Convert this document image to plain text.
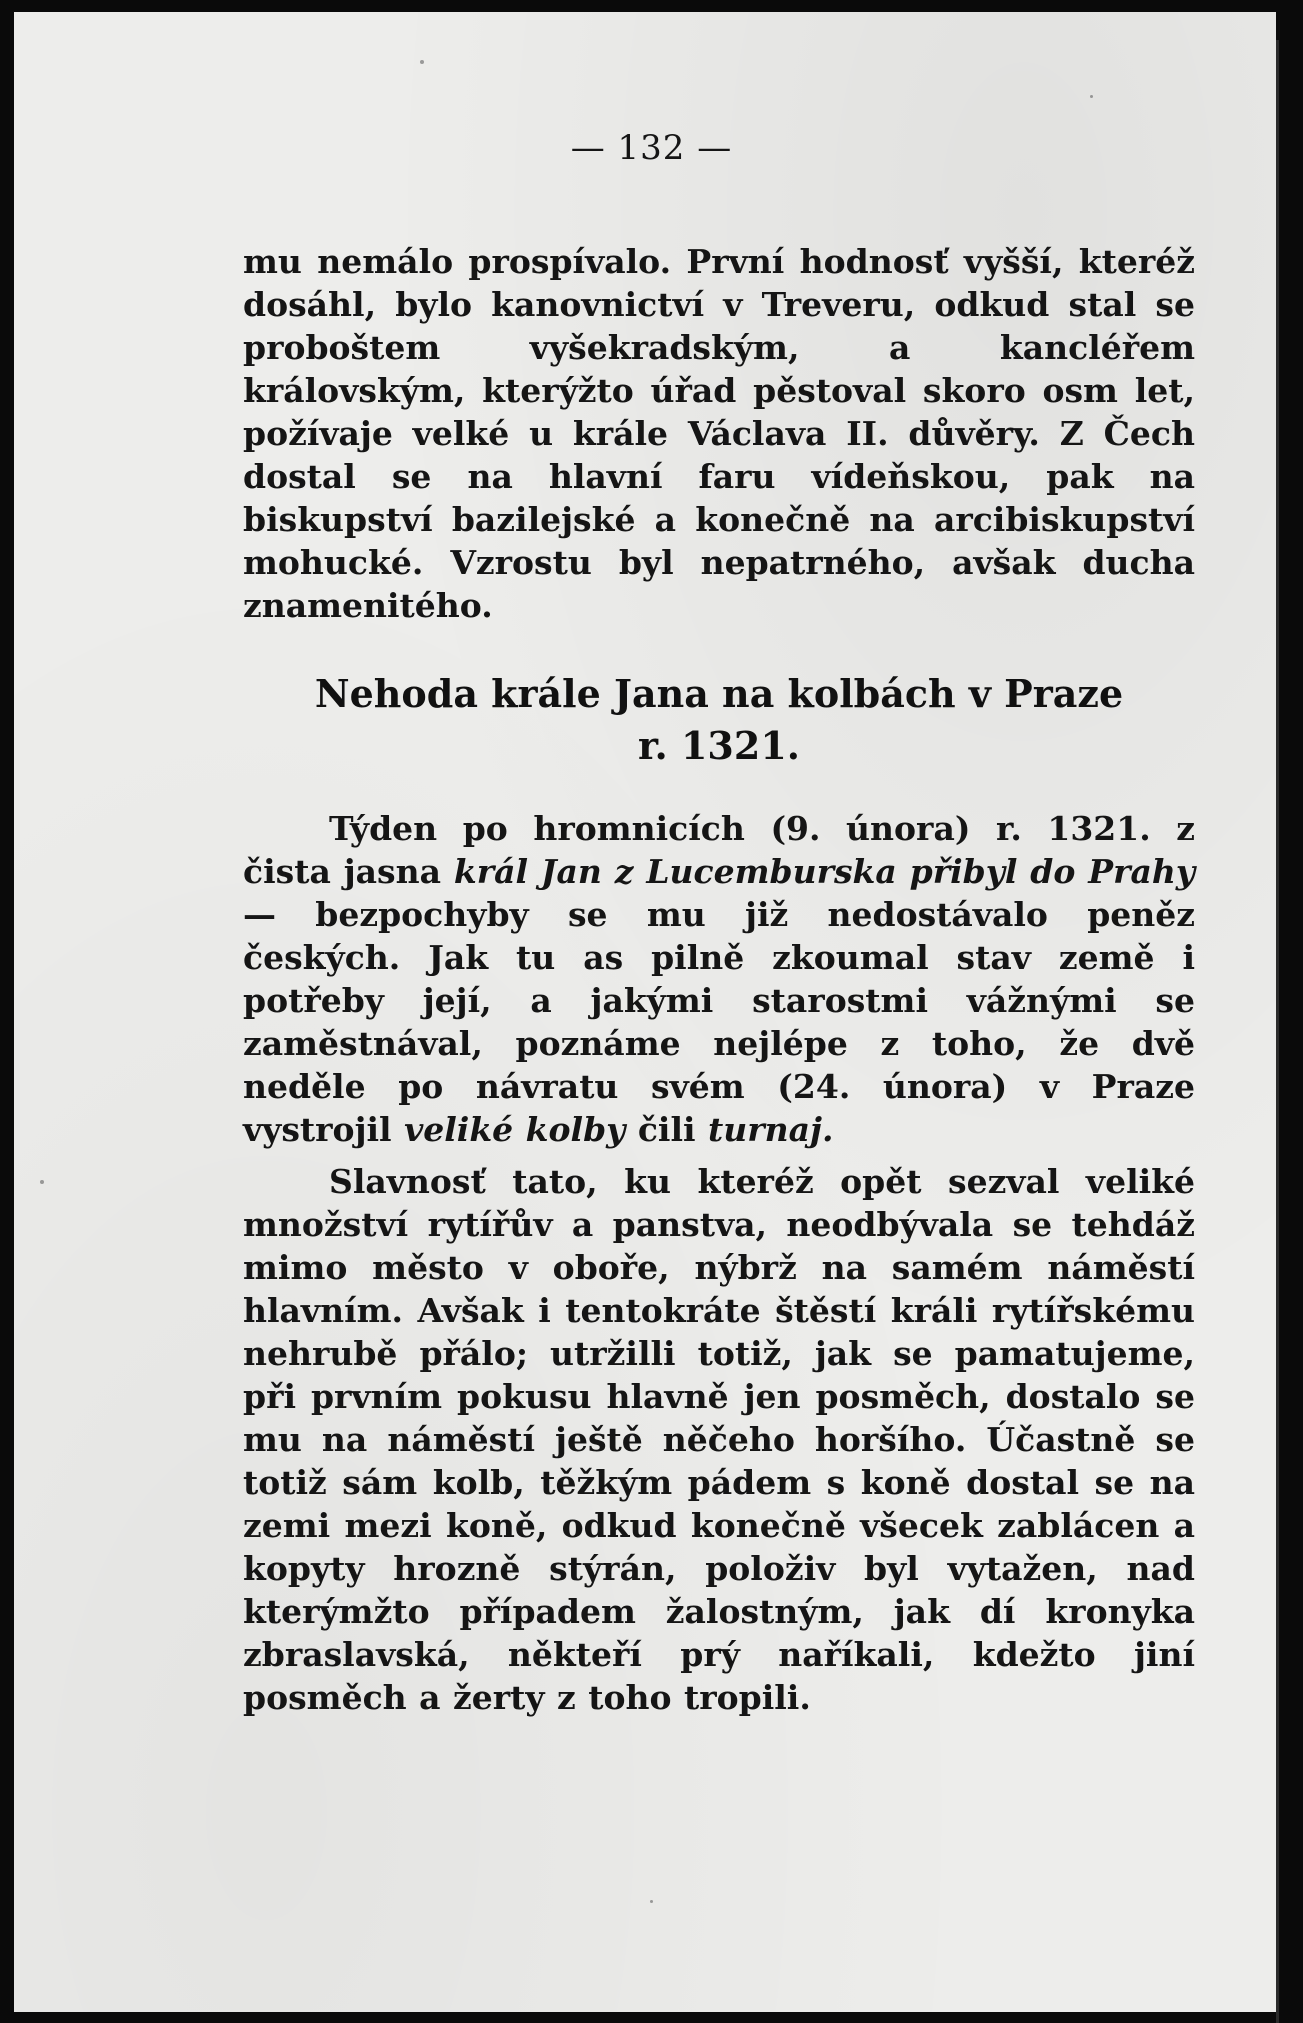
— 132 —

mu nemálo prospívalo. První hodnosť vyšší, kteréž dosáhl, bylo kanovnictví v Treveru, odkud stal se proboštem vyšekradským, a kancléřem královským, kterýžto úřad pěstoval skoro osm let, požívaje velké u krále Václava II. důvěry. Z Čech dostal se na hlavní faru vídeňskou, pak na biskupství bazilejské a konečně na arcibiskupství mohucké. Vzrostu byl nepatrného, avšak ducha znamenitého.

Nehoda krále Jana na kolbách v Praze
r. 1321.

Týden po hromnicích (9. února) r. 1321. z čista jasna král Jan z Lucemburska přibyl do Prahy — bezpochyby se mu již nedostávalo peněz českých. Jak tu as pilně zkoumal stav země i potřeby její, a jakými starostmi vážnými se zaměstnával, poznáme nejlépe z toho, že dvě neděle po návratu svém (24. února) v Praze vystrojil veliké kolby čili turnaj.

Slavnosť tato, ku kteréž opět sezval veliké množství rytířův a panstva, neodbývala se tehdáž mimo město v oboře, nýbrž na samém náměstí hlavním. Avšak i tentokráte štěstí králi rytířskému nehrubě přálo; utržilli totiž, jak se pamatujeme, při prvním pokusu hlavně jen posměch, dostalo se mu na náměstí ještě něčeho horšího. Účastně se totiž sám kolb, těžkým pádem s koně dostal se na zemi mezi koně, odkud konečně všecek zablácen a kopyty hrozně stýrán, položiv byl vytažen, nad kterýmžto případem žalostným, jak dí kronyka zbraslavská, někteří prý naříkali, kdežto jiní posměch a žerty z toho tropili.
